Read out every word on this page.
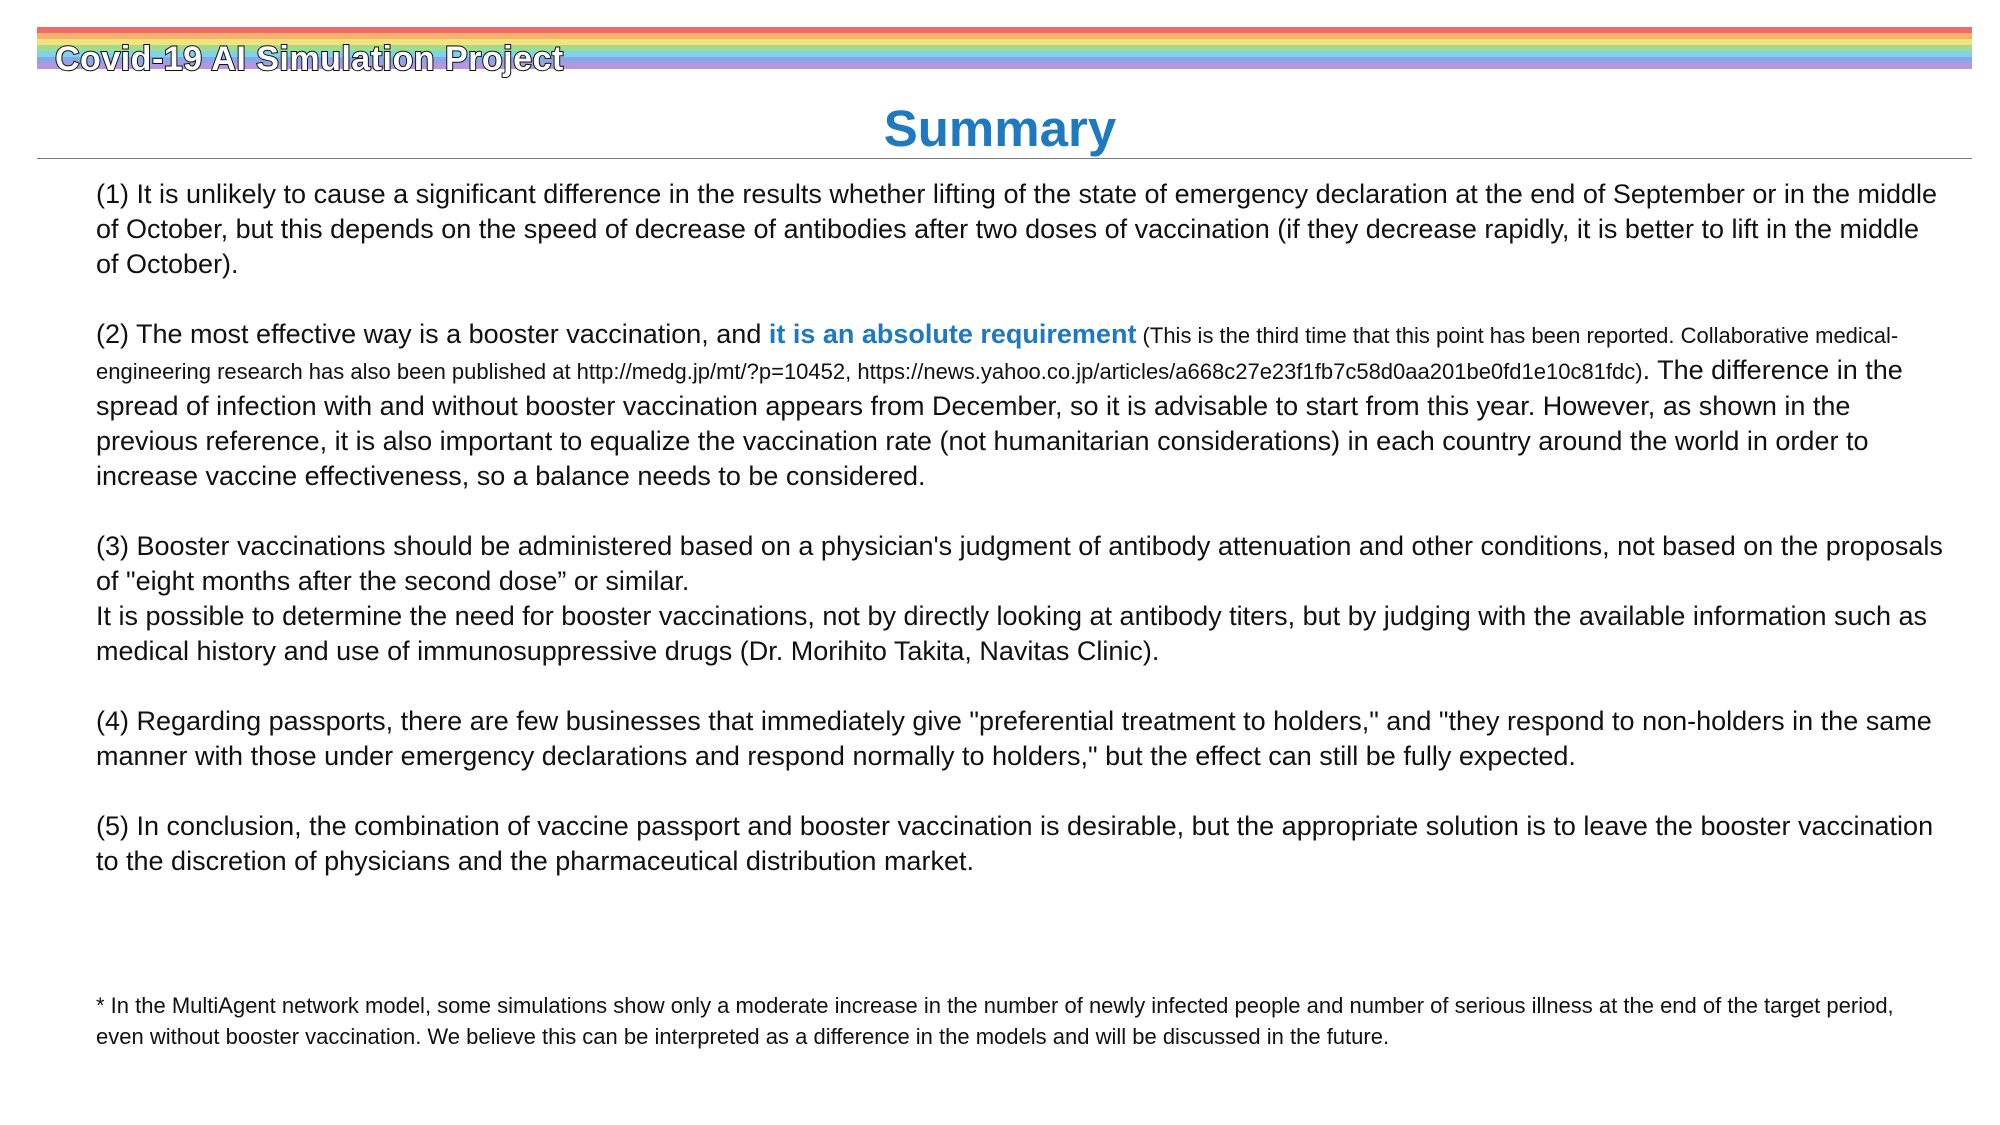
Covid-19 AI Simulation Project
Summary

(1) It is unlikely to cause a significant difference in the results whether lifting of the state of emergency declaration at the end of September or in the middle of October, but this depends on the speed of decrease of antibodies after two doses of vaccination (if they decrease rapidly, it is better to lift in the middle of October).

(2) The most effective way is a booster vaccination, and it is an absolute requirement (This is the third time that this point has been reported. Collaborative medical-engineering research has also been published at http://medg.jp/mt/?p=10452, https://news.yahoo.co.jp/articles/a668c27e23f1fb7c58d0aa201be0fd1e10c81fdc). The difference in the spread of infection with and without booster vaccination appears from December, so it is advisable to start from this year. However, as shown in the previous reference, it is also important to equalize the vaccination rate (not humanitarian considerations) in each country around the world in order to increase vaccine effectiveness, so a balance needs to be considered.

(3) Booster vaccinations should be administered based on a physician's judgment of antibody attenuation and other conditions, not based on the proposals of "eight months after the second dose” or similar.

It is possible to determine the need for booster vaccinations, not by directly looking at antibody titers, but by judging with the available information such as medical history and use of immunosuppressive drugs (Dr. Morihito Takita, Navitas Clinic).

(4) Regarding passports, there are few businesses that immediately give "preferential treatment to holders," and "they respond to non-holders in the same manner with those under emergency declarations and respond normally to holders," but the effect can still be fully expected.

(5) In conclusion, the combination of vaccine passport and booster vaccination is desirable, but the appropriate solution is to leave the booster vaccination to the discretion of physicians and the pharmaceutical distribution market.

* In the MultiAgent network model, some simulations show only a moderate increase in the number of newly infected people and number of serious illness at the end of the target period, even without booster vaccination. We believe this can be interpreted as a difference in the models and will be discussed in the future.
